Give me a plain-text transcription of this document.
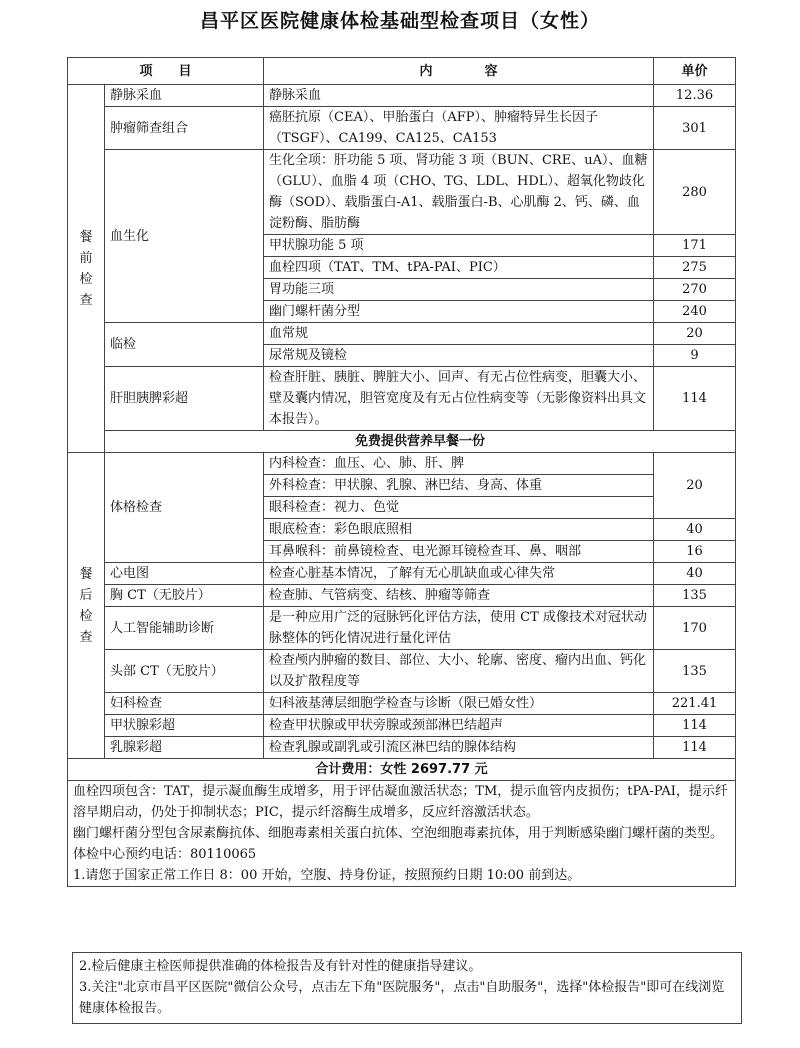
昌平区医院健康体检基础型检查项目（女性）
项　　目		内　　　　容	单价

餐
前
检
查	静脉采血	静脉采血	12.36
	肿瘤筛查组合	癌胚抗原（CEA）、甲胎蛋白（AFP）、肿瘤特异生长因子（TSGF）、CA199、CA125、CA153	301
	血生化	生化全项：肝功能 5 项、肾功能 3 项（BUN、CRE、uA）、血糖（GLU）、血脂 4 项（CHO、TG、LDL、HDL）、超氧化物歧化酶（SOD）、载脂蛋白-A1、载脂蛋白-B、心肌酶 2、钙、磷、血淀粉酶、脂肪酶	280
		甲状腺功能 5 项	171
		血栓四项（TAT、TM、tPA-PAI、PIC）	275
		胃功能三项	270
		幽门螺杆菌分型	240
	临检	血常规	20
		尿常规及镜检	9
	肝胆胰脾彩超	检查肝脏、胰脏、脾脏大小、回声、有无占位性病变，胆囊大小、壁及囊内情况，胆管宽度及有无占位性病变等（无影像资料出具文本报告）。	114
	免费提供营养早餐一份		

餐
后
检
查	体格检查	内科检查：血压、心、肺、肝、脾	20
		外科检查：甲状腺、乳腺、淋巴结、身高、体重	
		眼科检查：视力、色觉	
		眼底检查：彩色眼底照相	40
		耳鼻喉科：前鼻镜检查、电光源耳镜检查耳、鼻、咽部	16
	心电图	检查心脏基本情况，了解有无心肌缺血或心律失常	40
	胸 CT（无胶片）	检查肺、气管病变、结核、肿瘤等筛查	135
	人工智能辅助诊断	是一种应用广泛的冠脉钙化评估方法，使用 CT 成像技术对冠状动脉整体的钙化情况进行量化评估	170
	头部 CT（无胶片）	检查颅内肿瘤的数目、部位、大小、轮廓、密度、瘤内出血、钙化以及扩散程度等	135
	妇科检查	妇科液基薄层细胞学检查与诊断（限已婚女性）	221.41
	甲状腺彩超	检查甲状腺或甲状旁腺或颈部淋巴结超声	114
	乳腺彩超	检查乳腺或副乳或引流区淋巴结的腺体结构	114
合计费用：女性 2697.77 元			

血栓四项包含：TAT，提示凝血酶生成增多，用于评估凝血激活状态；TM，提示血管内皮损伤；tPA-PAI，提示纤溶早期启动，仍处于抑制状态；PIC，提示纤溶酶生成增多，反应纤溶激活状态。

幽门螺杆菌分型包含尿素酶抗体、细胞毒素相关蛋白抗体、空泡细胞毒素抗体，用于判断感染幽门螺杆菌的类型。

体检中心预约电话：80110065

1.请您于国家正常工作日 8：00 开始，空腹、持身份证，按照预约日期 10:00 前到达。			

2.检后健康主检医师提供准确的体检报告及有针对性的健康指导建议。

3.关注"北京市昌平区医院"微信公众号，点击左下角"医院服务"，点击"自助服务"，选择"体检报告"即可在线浏览健康体检报告。
